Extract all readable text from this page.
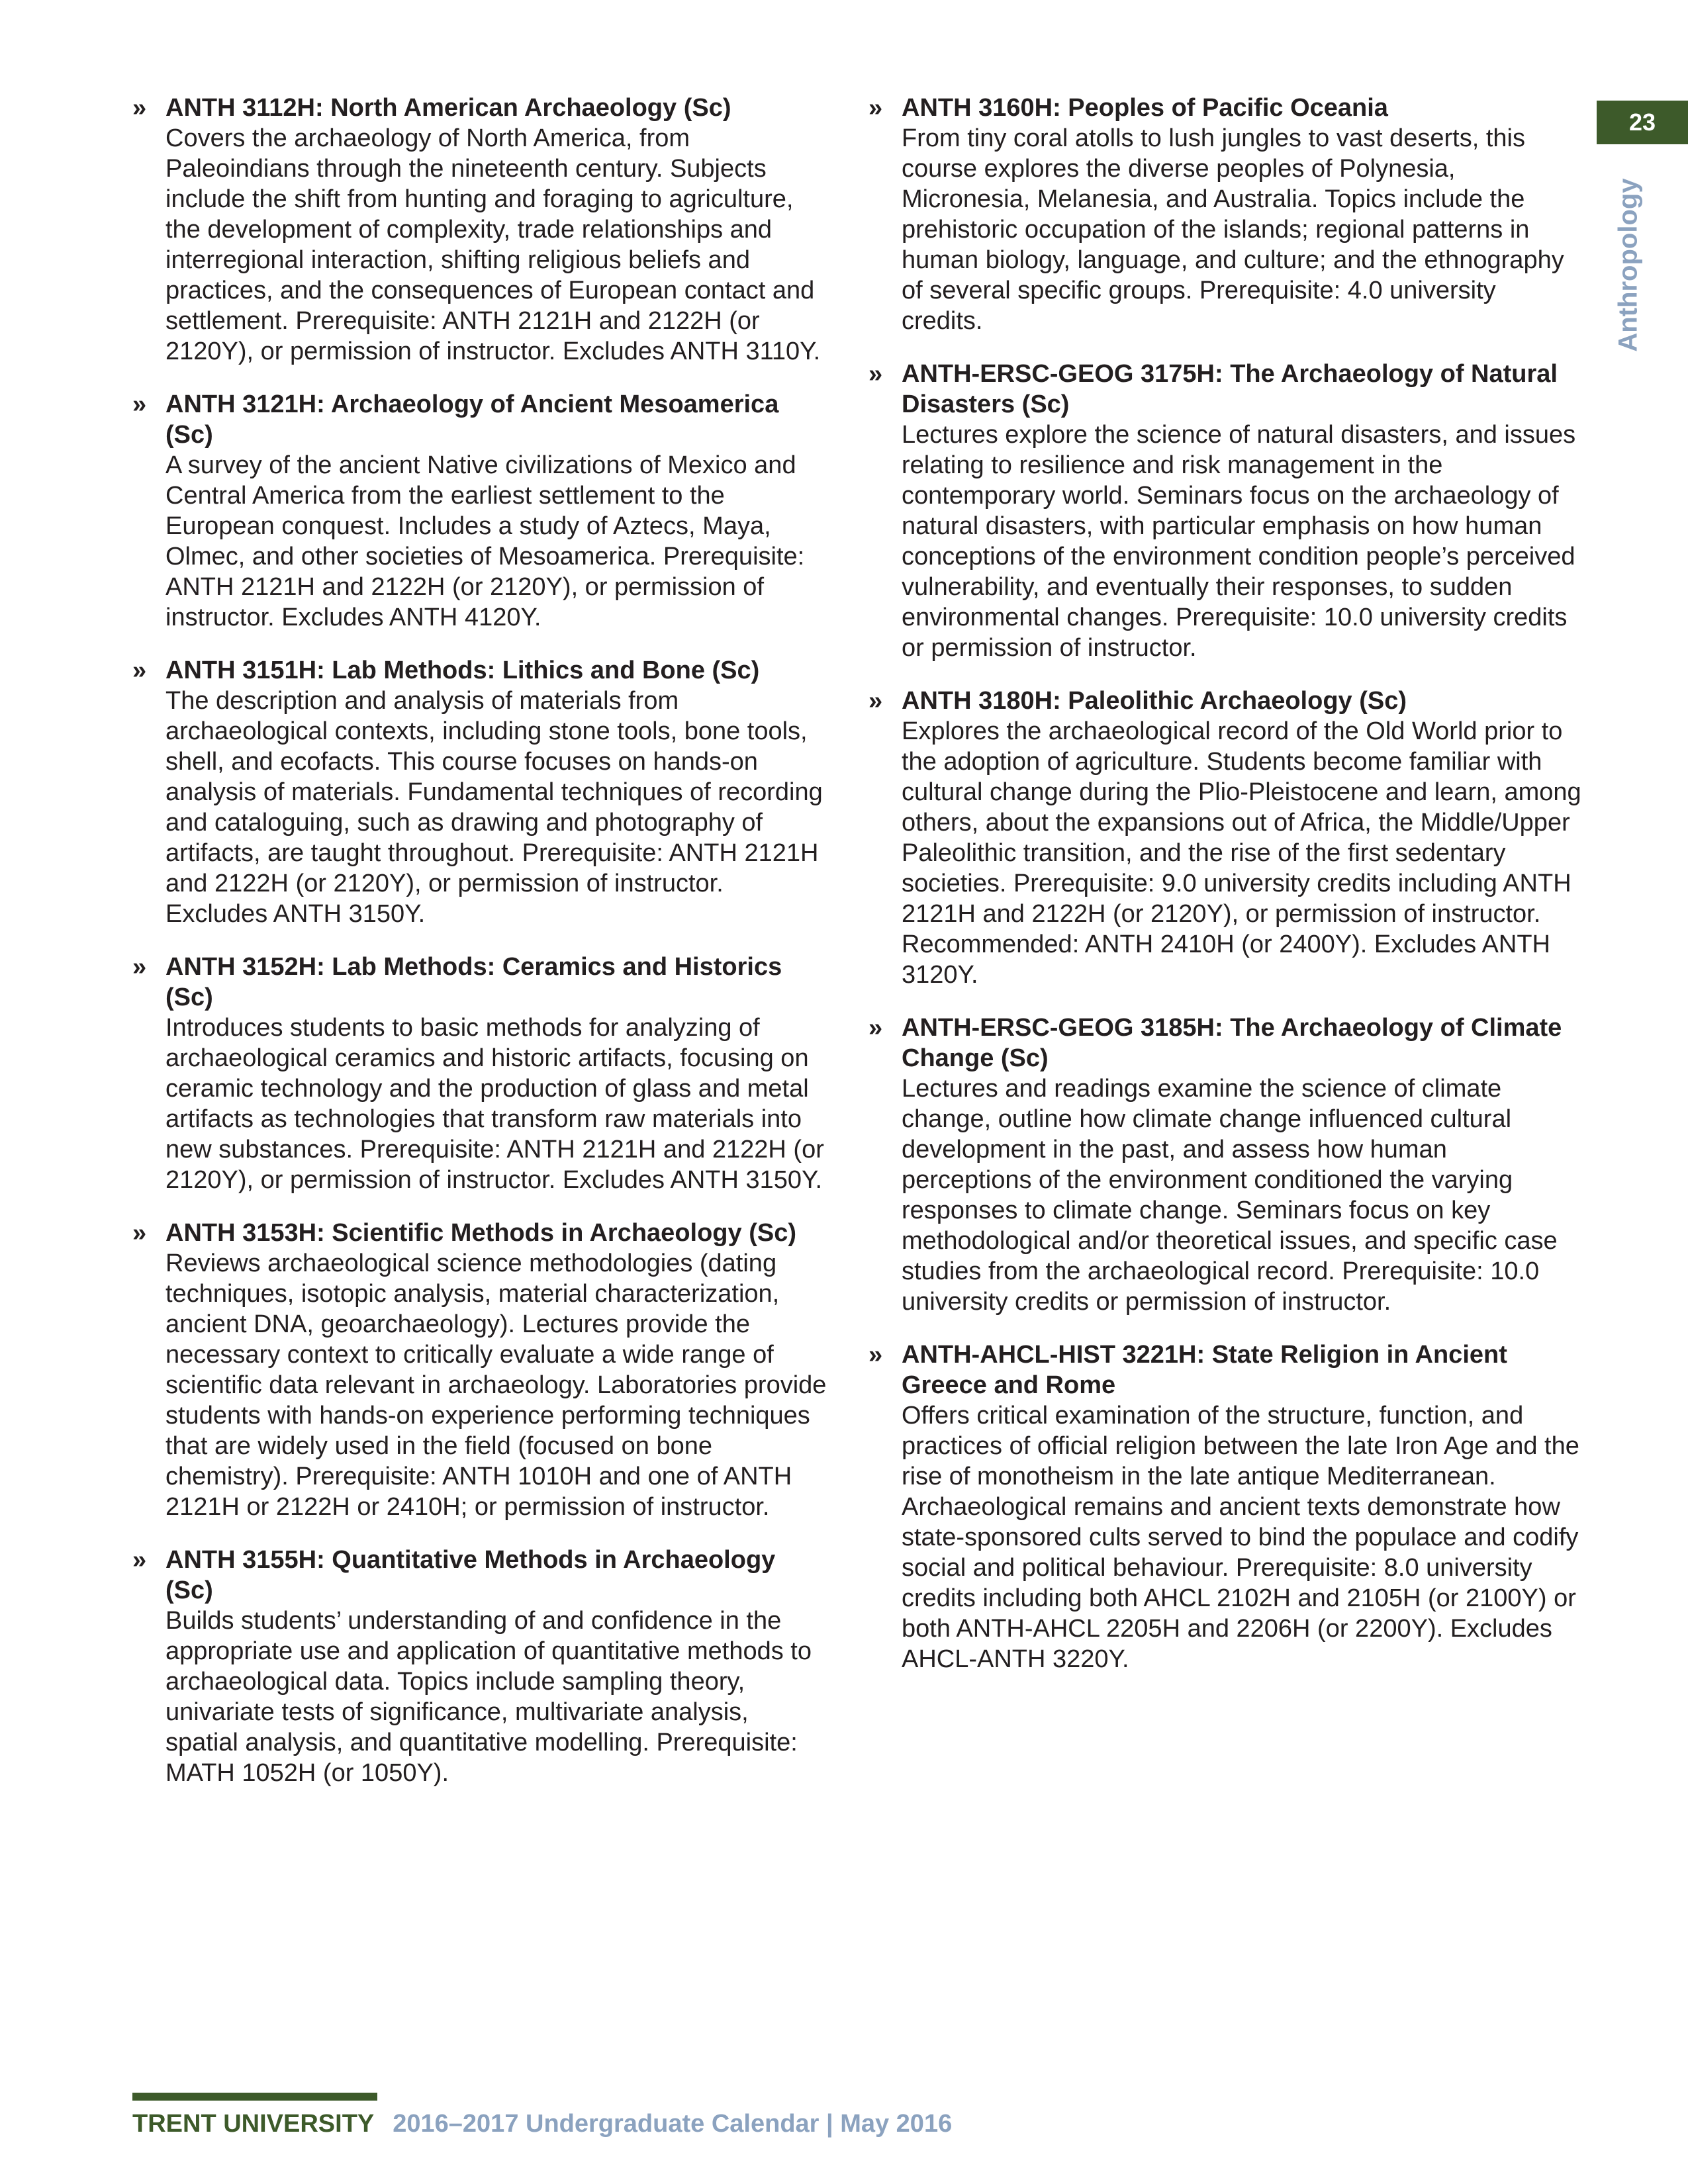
23
Anthropology
» ANTH 3112H: North American Archaeology (Sc)
Covers the archaeology of North America, from Paleoindians through the nineteenth century. Subjects include the shift from hunting and foraging to agriculture, the development of complexity, trade relationships and interregional interaction, shifting religious beliefs and practices, and the consequences of European contact and settlement. Prerequisite: ANTH 2121H and 2122H (or 2120Y), or permission of instructor. Excludes ANTH 3110Y.
» ANTH 3121H: Archaeology of Ancient Mesoamerica (Sc)
A survey of the ancient Native civilizations of Mexico and Central America from the earliest settlement to the European conquest. Includes a study of Aztecs, Maya, Olmec, and other societies of Mesoamerica. Prerequisite: ANTH 2121H and 2122H (or 2120Y), or permission of instructor. Excludes ANTH 4120Y.
» ANTH 3151H: Lab Methods: Lithics and Bone (Sc)
The description and analysis of materials from archaeological contexts, including stone tools, bone tools, shell, and ecofacts. This course focuses on hands-on analysis of materials. Fundamental techniques of recording and cataloguing, such as drawing and photography of artifacts, are taught throughout. Prerequisite: ANTH 2121H and 2122H (or 2120Y), or permission of instructor. Excludes ANTH 3150Y.
» ANTH 3152H: Lab Methods: Ceramics and Historics (Sc)
Introduces students to basic methods for analyzing of archaeological ceramics and historic artifacts, focusing on ceramic technology and the production of glass and metal artifacts as technologies that transform raw materials into new substances. Prerequisite: ANTH 2121H and 2122H (or 2120Y), or permission of instructor. Excludes ANTH 3150Y.
» ANTH 3153H: Scientific Methods in Archaeology (Sc)
Reviews archaeological science methodologies (dating techniques, isotopic analysis, material characterization, ancient DNA, geoarchaeology). Lectures provide the necessary context to critically evaluate a wide range of scientific data relevant in archaeology. Laboratories provide students with hands-on experience performing techniques that are widely used in the field (focused on bone chemistry). Prerequisite: ANTH 1010H and one of ANTH 2121H or 2122H or 2410H; or permission of instructor.
» ANTH 3155H: Quantitative Methods in Archaeology (Sc)
Builds students’ understanding of and confidence in the appropriate use and application of quantitative methods to archaeological data. Topics include sampling theory, univariate tests of significance, multivariate analysis, spatial analysis, and quantitative modelling. Prerequisite: MATH 1052H (or 1050Y).
» ANTH 3160H: Peoples of Pacific Oceania
From tiny coral atolls to lush jungles to vast deserts, this course explores the diverse peoples of Polynesia, Micronesia, Melanesia, and Australia. Topics include the prehistoric occupation of the islands; regional patterns in human biology, language, and culture; and the ethnography of several specific groups. Prerequisite: 4.0 university credits.
» ANTH-ERSC-GEOG 3175H: The Archaeology of Natural Disasters (Sc)
Lectures explore the science of natural disasters, and issues relating to resilience and risk management in the contemporary world. Seminars focus on the archaeology of natural disasters, with particular emphasis on how human conceptions of the environment condition people’s perceived vulnerability, and eventually their responses, to sudden environmental changes. Prerequisite: 10.0 university credits or permission of instructor.
» ANTH 3180H: Paleolithic Archaeology (Sc)
Explores the archaeological record of the Old World prior to the adoption of agriculture. Students become familiar with cultural change during the Plio-Pleistocene and learn, among others, about the expansions out of Africa, the Middle/Upper Paleolithic transition, and the rise of the first sedentary societies. Prerequisite: 9.0 university credits including ANTH 2121H and 2122H (or 2120Y), or permission of instructor. Recommended: ANTH 2410H (or 2400Y). Excludes ANTH 3120Y.
» ANTH-ERSC-GEOG 3185H: The Archaeology of Climate Change (Sc)
Lectures and readings examine the science of climate change, outline how climate change influenced cultural development in the past, and assess how human perceptions of the environment conditioned the varying responses to climate change. Seminars focus on key methodological and/or theoretical issues, and specific case studies from the archaeological record. Prerequisite: 10.0 university credits or permission of instructor.
» ANTH-AHCL-HIST 3221H: State Religion in Ancient Greece and Rome
Offers critical examination of the structure, function, and practices of official religion between the late Iron Age and the rise of monotheism in the late antique Mediterranean. Archaeological remains and ancient texts demonstrate how state-sponsored cults served to bind the populace and codify social and political behaviour. Prerequisite: 8.0 university credits including both AHCL 2102H and 2105H (or 2100Y) or both ANTH-AHCL 2205H and 2206H (or 2200Y). Excludes AHCL-ANTH 3220Y.
TRENT UNIVERSITY 2016–2017 Undergraduate Calendar | May 2016
